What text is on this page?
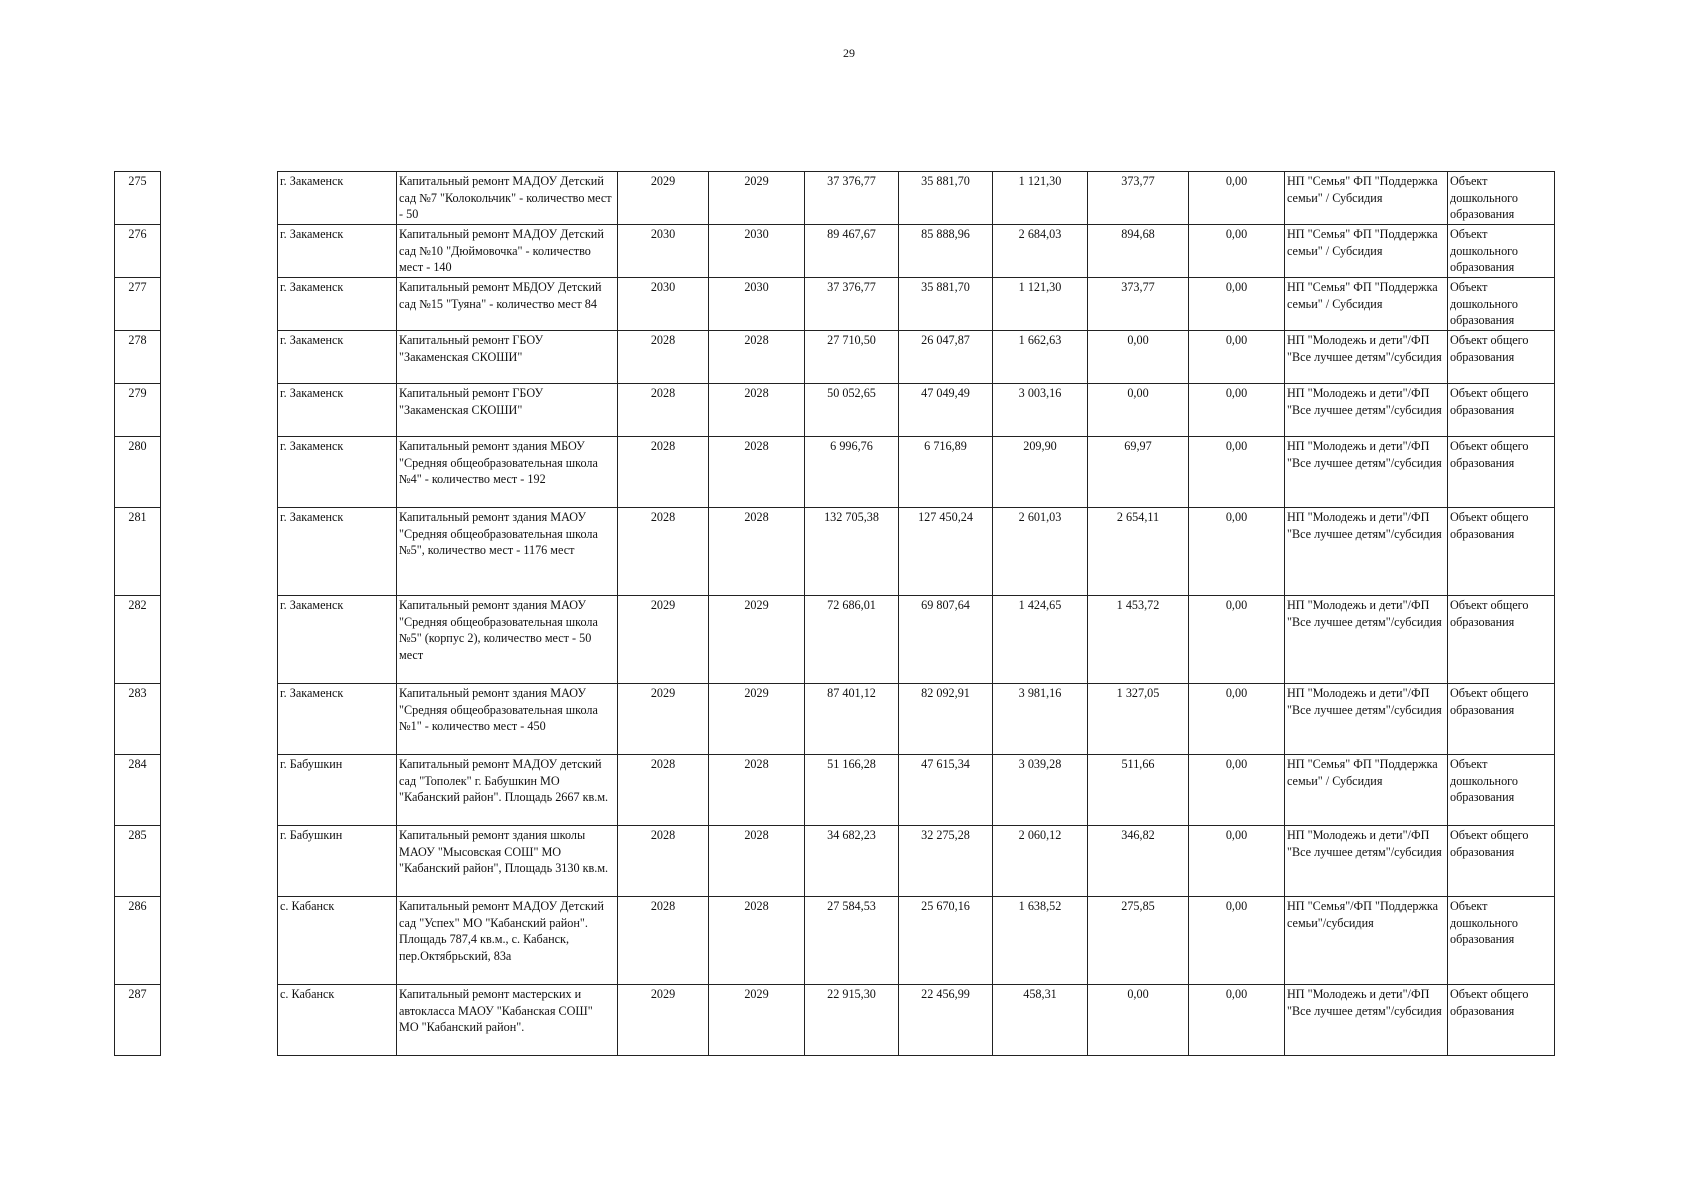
29
275		г. Закаменск	Капитальный ремонт МАДОУ Детский сад №7 "Колокольчик" - количество мест - 50	2029	2029	37 376,77	35 881,70	1 121,30	373,77	0,00	НП "Семья" ФП "Поддержка семьи" / Субсидия	Объект дошкольного образования
276		г. Закаменск	Капитальный ремонт МАДОУ Детский сад №10 "Дюймовочка" - количество мест - 140	2030	2030	89 467,67	85 888,96	2 684,03	894,68	0,00	НП "Семья" ФП "Поддержка семьи" / Субсидия	Объект дошкольного образования
277		г. Закаменск	Капитальный ремонт МБДОУ Детский сад №15 "Туяна" - количество мест 84	2030	2030	37 376,77	35 881,70	1 121,30	373,77	0,00	НП "Семья" ФП "Поддержка семьи" / Субсидия	Объект дошкольного образования
278		г. Закаменск	Капитальный ремонт ГБОУ "Закаменская СКОШИ"	2028	2028	27 710,50	26 047,87	1 662,63	0,00	0,00	НП "Молодежь и дети"/ФП "Все лучшее детям"/субсидия	Объект общего образования
279		г. Закаменск	Капитальный ремонт ГБОУ "Закаменская СКОШИ"	2028	2028	50 052,65	47 049,49	3 003,16	0,00	0,00	НП "Молодежь и дети"/ФП "Все лучшее детям"/субсидия	Объект общего образования
280		г. Закаменск	Капитальный ремонт здания МБОУ "Средняя общеобразовательная школа №4" - количество мест - 192	2028	2028	6 996,76	6 716,89	209,90	69,97	0,00	НП "Молодежь и дети"/ФП "Все лучшее детям"/субсидия	Объект общего образования
281		г. Закаменск	Капитальный ремонт здания МАОУ "Средняя общеобразовательная школа №5", количество мест - 1176 мест	2028	2028	132 705,38	127 450,24	2 601,03	2 654,11	0,00	НП "Молодежь и дети"/ФП "Все лучшее детям"/субсидия	Объект общего образования
282		г. Закаменск	Капитальный ремонт здания МАОУ "Средняя общеобразовательная школа №5" (корпус 2), количество мест - 50 мест	2029	2029	72 686,01	69 807,64	1 424,65	1 453,72	0,00	НП "Молодежь и дети"/ФП "Все лучшее детям"/субсидия	Объект общего образования
283		г. Закаменск	Капитальный ремонт здания МАОУ "Средняя общеобразовательная школа №1" - количество мест - 450	2029	2029	87 401,12	82 092,91	3 981,16	1 327,05	0,00	НП "Молодежь и дети"/ФП "Все лучшее детям"/субсидия	Объект общего образования
284		г. Бабушкин	Капитальный ремонт МАДОУ детский сад "Тополек" г. Бабушкин МО "Кабанский район". Площадь 2667 кв.м.	2028	2028	51 166,28	47 615,34	3 039,28	511,66	0,00	НП "Семья" ФП "Поддержка семьи" / Субсидия	Объект дошкольного образования
285		г. Бабушкин	Капитальный ремонт здания школы МАОУ "Мысовская СОШ" МО "Кабанский район", Площадь 3130 кв.м.	2028	2028	34 682,23	32 275,28	2 060,12	346,82	0,00	НП "Молодежь и дети"/ФП "Все лучшее детям"/субсидия	Объект общего образования
286		с. Кабанск	Капитальный ремонт МАДОУ Детский сад "Успех" МО "Кабанский район". Площадь 787,4 кв.м., с. Кабанск, пер.Октябрьский, 83а	2028	2028	27 584,53	25 670,16	1 638,52	275,85	0,00	НП "Семья"/ФП "Поддержка семьи"/субсидия	Объект дошкольного образования
287		с. Кабанск	Капитальный ремонт мастерских и автокласса МАОУ "Кабанская СОШ" МО "Кабанский район".	2029	2029	22 915,30	22 456,99	458,31	0,00	0,00	НП "Молодежь и дети"/ФП "Все лучшее детям"/субсидия	Объект общего образования
